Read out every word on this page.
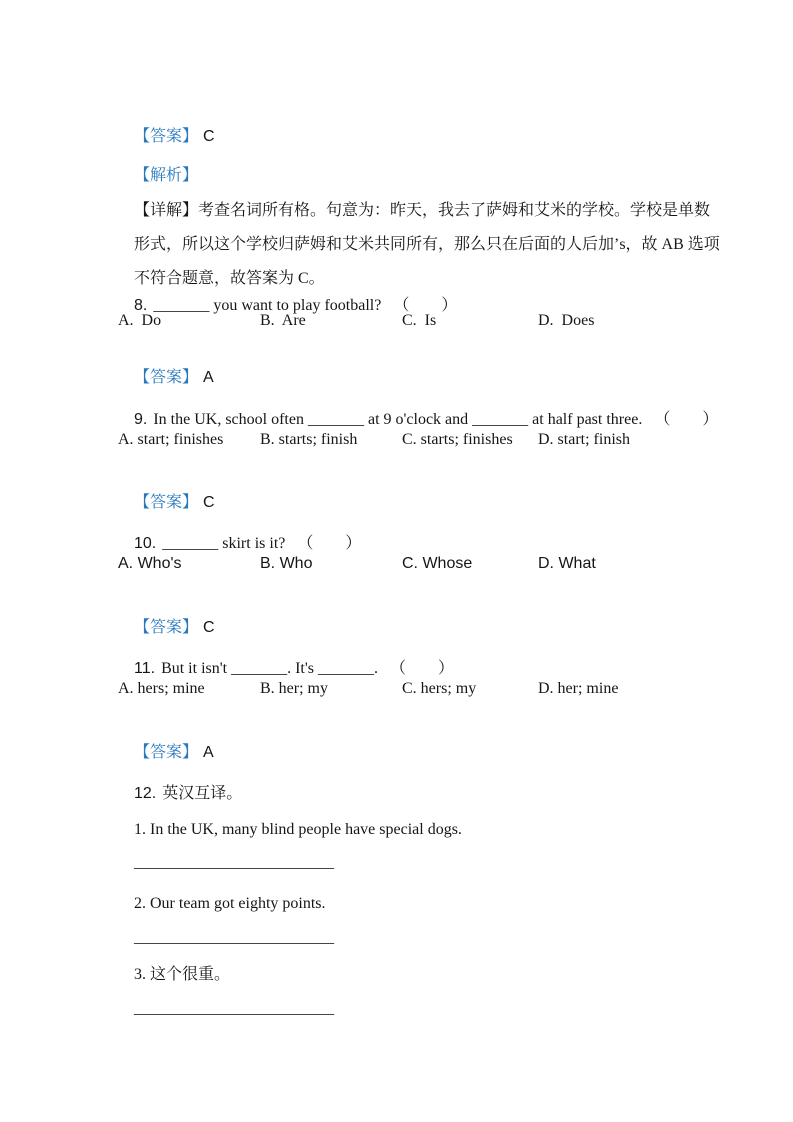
【答案】 C

【解析】

【详解】考查名词所有格。句意为：昨天，我去了萨姆和艾米的学校。学校是单数

形式，所以这个学校归萨姆和艾米共同所有，那么只在后面的人后加’s，故 AB 选项

不符合题意，故答案为 C。

8. _______ you want to play football? （　　）

A.  Do

	B.  Are

	C.  Is

	D.  Does

【答案】 A

9. In the UK, school often _______ at 9 o'clock and _______ at half past three. （　　）

A. start; finishes

B. starts; finish

	C. starts; finishes

D. start; finish

【答案】 C

10. _______ skirt is it? （　　）

A. Who's

	B. Who

	C. Whose

	D. What

【答案】 C

11. But it isn't _______. It's _______. （　　）

A. hers; mine

	B. her; my

	C. hers; my

	D. her; mine

【答案】 A

12. 英汉互译。

1. In the UK, many blind people have special dogs.

_________________________

2. Our team got eighty points.

_________________________

3. 这个很重。

_________________________
